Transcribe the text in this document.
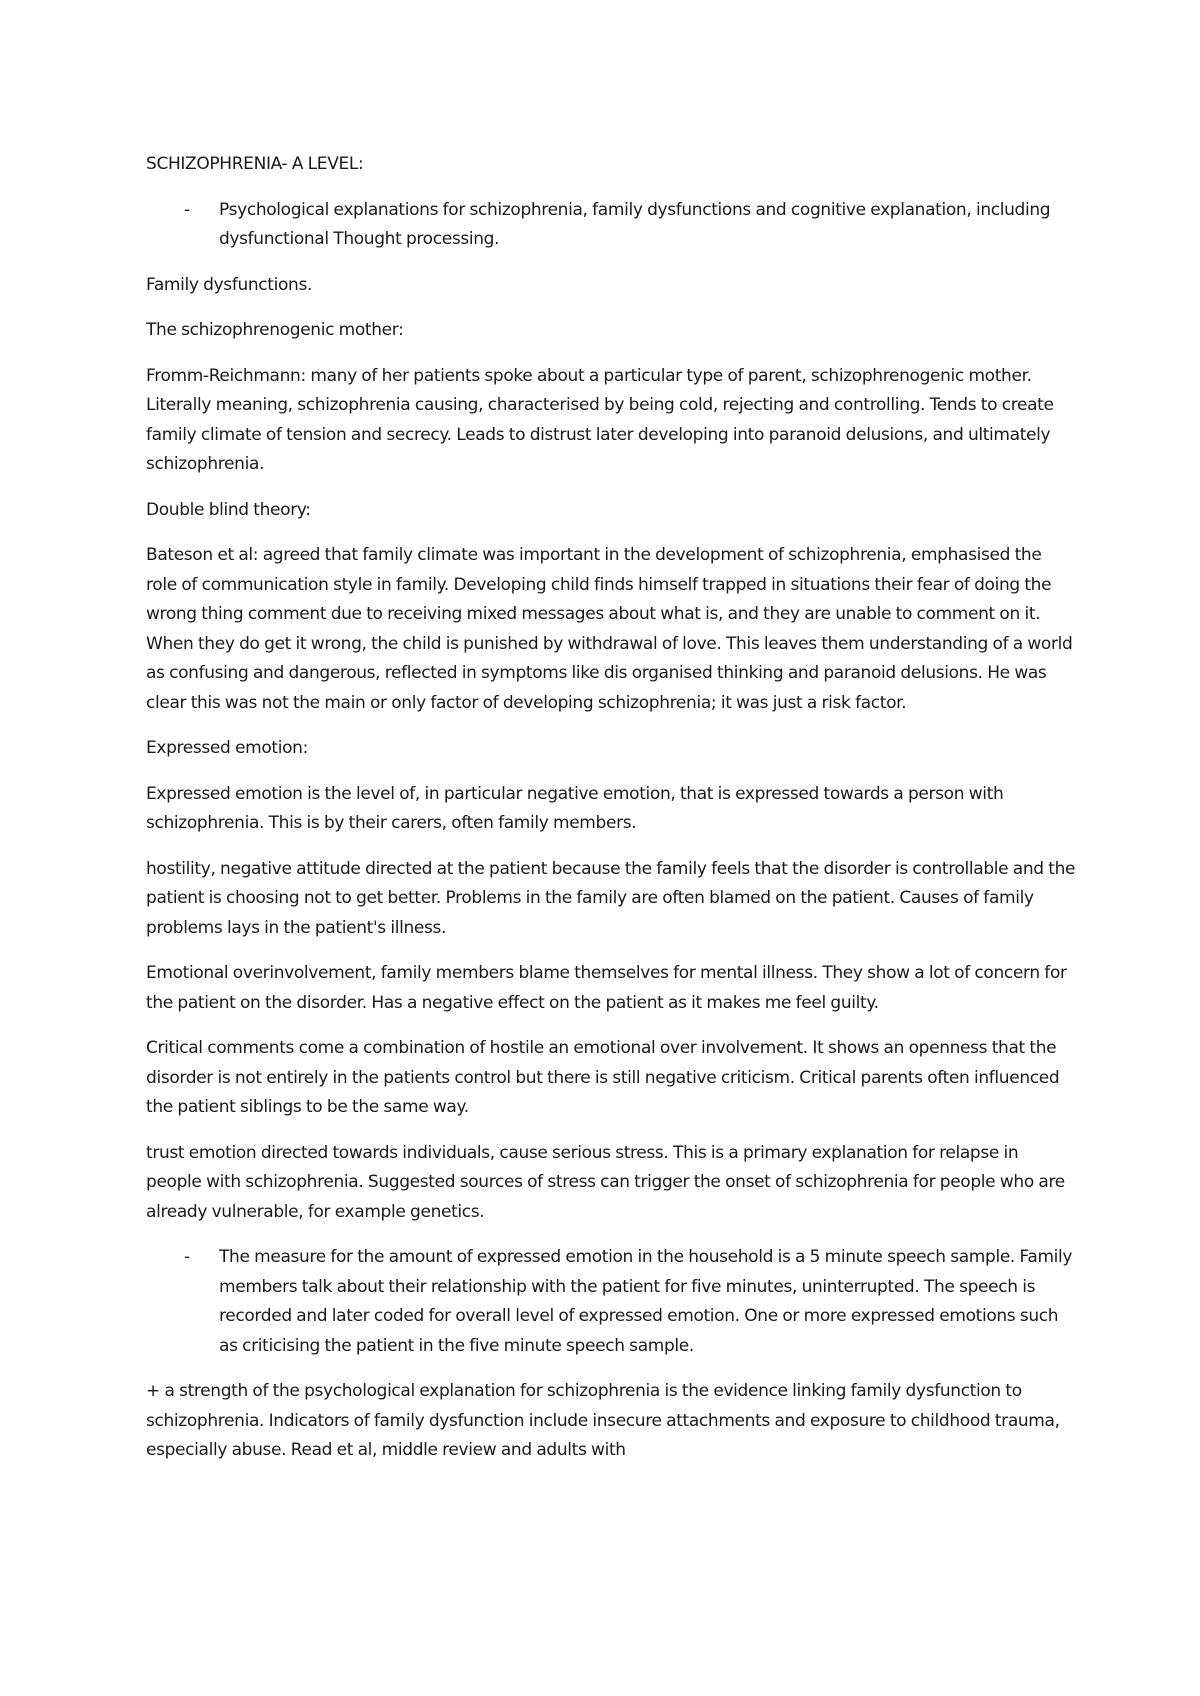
SCHIZOPHRENIA- A LEVEL:

- Psychological explanations for schizophrenia, family dysfunctions and cognitive explanation, including dysfunctional Thought processing.

Family dysfunctions.

The schizophrenogenic mother:

Fromm-Reichmann: many of her patients spoke about a particular type of parent, schizophrenogenic mother. Literally meaning, schizophrenia causing, characterised by being cold, rejecting and controlling. Tends to create family climate of tension and secrecy. Leads to distrust later developing into paranoid delusions, and ultimately schizophrenia.

Double blind theory:

Bateson et al: agreed that family climate was important in the development of schizophrenia, emphasised the role of communication style in family. Developing child finds himself trapped in situations their fear of doing the wrong thing comment due to receiving mixed messages about what is, and they are unable to comment on it. When they do get it wrong, the child is punished by withdrawal of love. This leaves them understanding of a world as confusing and dangerous, reflected in symptoms like dis organised thinking and paranoid delusions. He was clear this was not the main or only factor of developing schizophrenia; it was just a risk factor.

Expressed emotion:

Expressed emotion is the level of, in particular negative emotion, that is expressed towards a person with schizophrenia. This is by their carers, often family members.

hostility, negative attitude directed at the patient because the family feels that the disorder is controllable and the patient is choosing not to get better. Problems in the family are often blamed on the patient. Causes of family problems lays in the patient's illness.

Emotional overinvolvement, family members blame themselves for mental illness. They show a lot of concern for the patient on the disorder. Has a negative effect on the patient as it makes me feel guilty.

Critical comments come a combination of hostile an emotional over involvement. It shows an openness that the disorder is not entirely in the patients control but there is still negative criticism. Critical parents often influenced the patient siblings to be the same way.

trust emotion directed towards individuals, cause serious stress. This is a primary explanation for relapse in people with schizophrenia. Suggested sources of stress can trigger the onset of schizophrenia for people who are already vulnerable, for example genetics.

- The measure for the amount of expressed emotion in the household is a 5 minute speech sample. Family members talk about their relationship with the patient for five minutes, uninterrupted. The speech is recorded and later coded for overall level of expressed emotion. One or more expressed emotions such as criticising the patient in the five minute speech sample.

+ a strength of the psychological explanation for schizophrenia is the evidence linking family dysfunction to schizophrenia. Indicators of family dysfunction include insecure attachments and exposure to childhood trauma, especially abuse. Read et al, middle review and adults with
